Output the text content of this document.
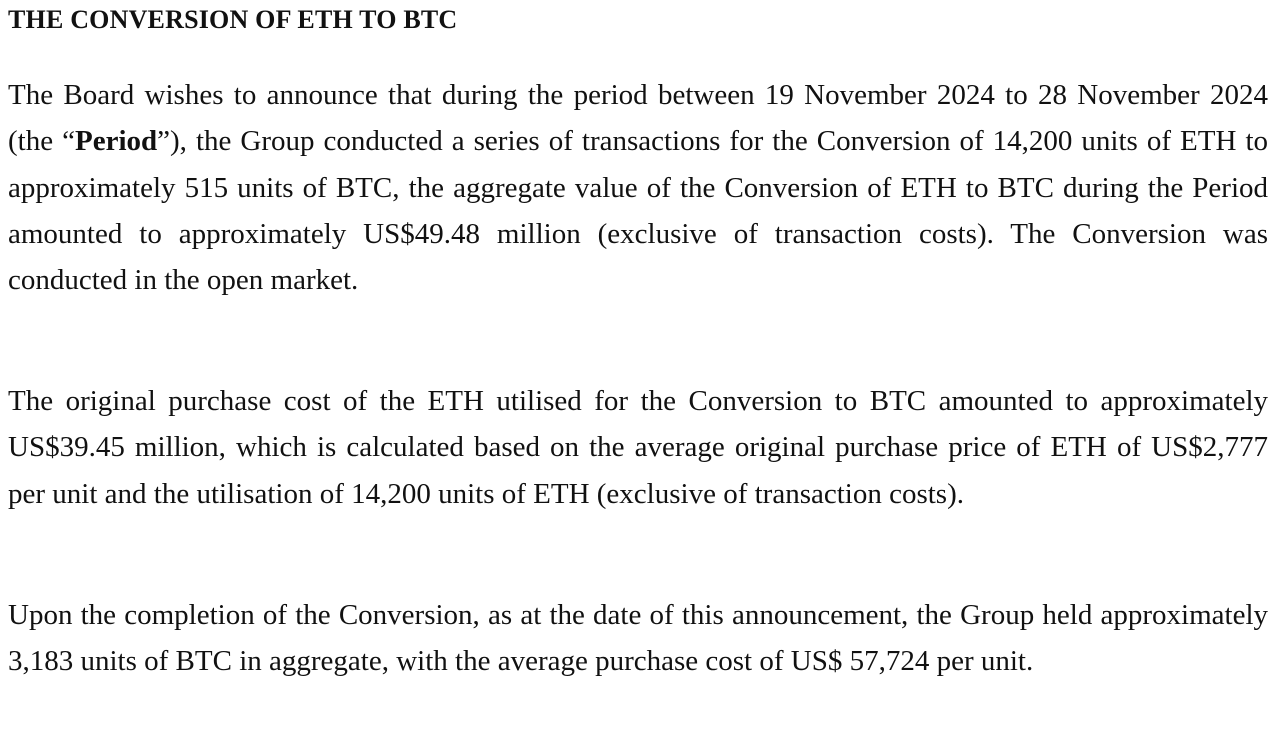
THE CONVERSION OF ETH TO BTC

The Board wishes to announce that during the period between 19 November 2024 to 28 November 2024 (the “Period”), the Group conducted a series of transactions for the Conversion of 14,200 units of ETH to approximately 515 units of BTC, the aggregate value of the Conversion of ETH to BTC during the Period amounted to approximately US$49.48 million (exclusive of transaction costs). The Conversion was conducted in the open market.

The original purchase cost of the ETH utilised for the Conversion to BTC amounted to approximately US$39.45 million, which is calculated based on the average original purchase price of ETH of US$2,777 per unit and the utilisation of 14,200 units of ETH (exclusive of transaction costs).

Upon the completion of the Conversion, as at the date of this announcement, the Group held approximately 3,183 units of BTC in aggregate, with the average purchase cost of US$ 57,724 per unit.
